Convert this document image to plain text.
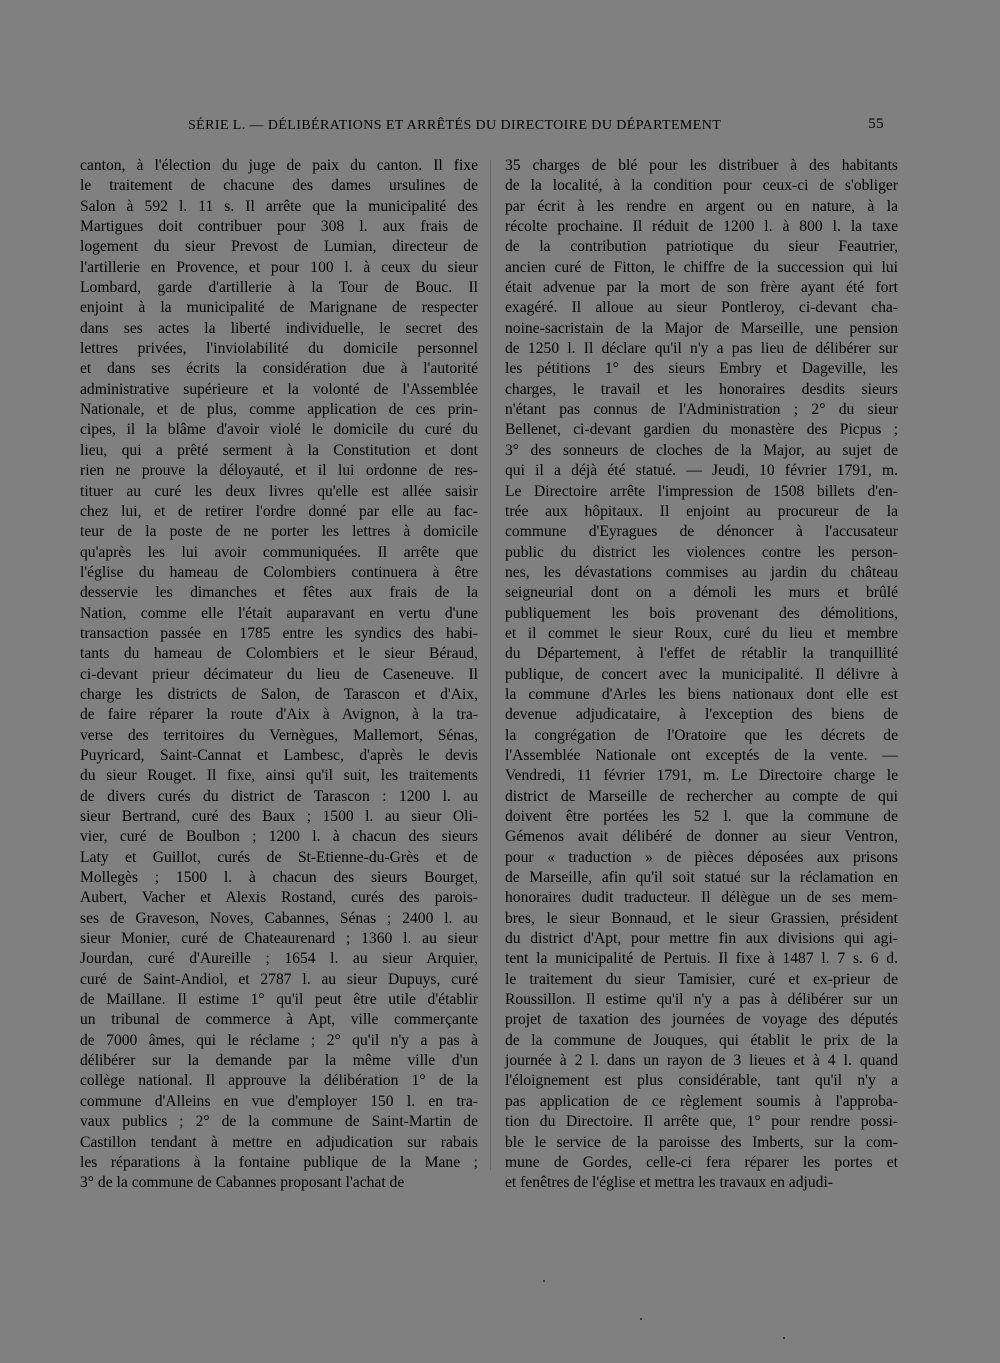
SÉRIE L. — DÉLIBÉRATIONS ET ARRÊTÉS DU DIRECTOIRE DU DÉPARTEMENT	55
canton, à l'élection du juge de paix du canton. Il fixe
le traitement de chacune des dames ursulines de
Salon à 592 l. 11 s. Il arrête que la municipalité des
Martigues doit contribuer pour 308 l. aux frais de
logement du sieur Prevost de Lumian, directeur de
l'artillerie en Provence, et pour 100 l. à ceux du sieur
Lombard, garde d'artillerie à la Tour de Bouc. Il
enjoint à la municipalité de Marignane de respecter
dans ses actes la liberté individuelle, le secret des
lettres privées, l'inviolabilité du domicile personnel
et dans ses écrits la considération due à l'autorité
administrative supérieure et la volonté de l'Assemblée
Nationale, et de plus, comme application de ces prin-
cipes, il la blâme d'avoir violé le domicile du curé du
lieu, qui a prêté serment à la Constitution et dont
rien ne prouve la déloyauté, et il lui ordonne de res-
tituer au curé les deux livres qu'elle est allée saisir
chez lui, et de retirer l'ordre donné par elle au fac-
teur de la poste de ne porter les lettres à domicile
qu'après les lui avoir communiquées. Il arrête que
l'église du hameau de Colombiers continuera à être
desservie les dimanches et fêtes aux frais de la
Nation, comme elle l'était auparavant en vertu d'une
transaction passée en 1785 entre les syndics des habi-
tants du hameau de Colombiers et le sieur Béraud,
ci-devant prieur décimateur du lieu de Caseneuve. Il
charge les districts de Salon, de Tarascon et d'Aix,
de faire réparer la route d'Aix à Avignon, à la tra-
verse des territoires du Vernègues, Mallemort, Sénas,
Puyricard, Saint-Cannat et Lambesc, d'après le devis
du sieur Rouget. Il fixe, ainsi qu'il suit, les traitements
de divers curés du district de Tarascon : 1200 l. au
sieur Bertrand, curé des Baux ; 1500 l. au sieur Oli-
vier, curé de Boulbon ; 1200 l. à chacun des sieurs
Laty et Guillot, curés de St-Etienne-du-Grès et de
Mollegès ; 1500 l. à chacun des sieurs Bourget,
Aubert, Vacher et Alexis Rostand, curés des parois-
ses de Graveson, Noves, Cabannes, Sénas ; 2400 l. au
sieur Monier, curé de Chateaurenard ; 1360 l. au sieur
Jourdan, curé d'Aureille ; 1654 l. au sieur Arquier,
curé de Saint-Andiol, et 2787 l. au sieur Dupuys, curé
de Maillane. Il estime 1° qu'il peut être utile d'établir
un tribunal de commerce à Apt, ville commerçante
de 7000 âmes, qui le réclame ; 2° qu'il n'y a pas à
délibérer sur la demande par la même ville d'un
collège national. Il approuve la délibération 1° de la
commune d'Alleins en vue d'employer 150 l. en tra-
vaux publics ; 2° de la commune de Saint-Martin de
Castillon tendant à mettre en adjudication sur rabais
les réparations à la fontaine publique de la Mane ;
3° de la commune de Cabannes proposant l'achat de
35 charges de blé pour les distribuer à des habitants
de la localité, à la condition pour ceux-ci de s'obliger
par écrit à les rendre en argent ou en nature, à la
récolte prochaine. Il réduit de 1200 l. à 800 l. la taxe
de la contribution patriotique du sieur Feautrier,
ancien curé de Fitton, le chiffre de la succession qui lui
était advenue par la mort de son frère ayant été fort
exagéré. Il alloue au sieur Pontleroy, ci-devant cha-
noine-sacristain de la Major de Marseille, une pension
de 1250 l. Il déclare qu'il n'y a pas lieu de délibérer sur
les pétitions 1° des sieurs Embry et Dageville, les
charges, le travail et les honoraires desdits sieurs
n'étant pas connus de l'Administration ; 2° du sieur
Bellenet, ci-devant gardien du monastère des Picpus ;
3° des sonneurs de cloches de la Major, au sujet de
qui il a déjà été statué. — Jeudi, 10 février 1791, m.
Le Directoire arrête l'impression de 1508 billets d'en-
trée aux hôpitaux. Il enjoint au procureur de la
commune d'Eyragues de dénoncer à l'accusateur
public du district les violences contre les person-
nes, les dévastations commises au jardin du château
seigneurial dont on a démoli les murs et brûlé
publiquement les bois provenant des démolitions,
et il commet le sieur Roux, curé du lieu et membre
du Département, à l'effet de rétablir la tranquillité
publique, de concert avec la municipalité. Il délivre à
la commune d'Arles les biens nationaux dont elle est
devenue adjudicataire, à l'exception des biens de
la congrégation de l'Oratoire que les décrets de
l'Assemblée Nationale ont exceptés de la vente. —
Vendredi, 11 février 1791, m. Le Directoire charge le
district de Marseille de rechercher au compte de qui
doivent être portées les 52 l. que la commune de
Gémenos avait délibéré de donner au sieur Ventron,
pour « traduction » de pièces déposées aux prisons
de Marseille, afin qu'il soit statué sur la réclamation en
honoraires dudit traducteur. Il délègue un de ses mem-
bres, le sieur Bonnaud, et le sieur Grassien, président
du district d'Apt, pour mettre fin aux divisions qui agi-
tent la municipalité de Pertuis. Il fixe à 1487 l. 7 s. 6 d.
le traitement du sieur Tamisier, curé et ex-prieur de
Roussillon. Il estime qu'il n'y a pas à délibérer sur un
projet de taxation des journées de voyage des députés
de la commune de Jouques, qui établit le prix de la
journée à 2 l. dans un rayon de 3 lieues et à 4 l. quand
l'éloignement est plus considérable, tant qu'il n'y a
pas application de ce règlement soumis à l'approba-
tion du Directoire. Il arrête que, 1° pour rendre possi-
ble le service de la paroisse des Imberts, sur la com-
mune de Gordes, celle-ci fera réparer les portes et
et fenêtres de l'église et mettra les travaux en adjudi-
